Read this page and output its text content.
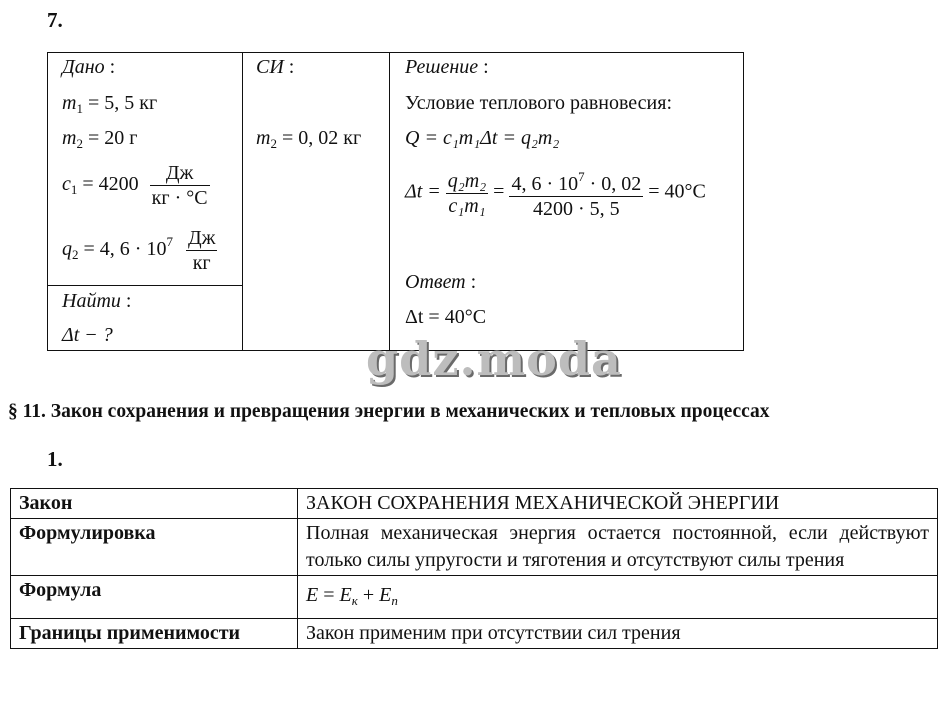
7.
Дано :
$m_1 = 5$, 5 кг
$m_2 = 20$ г
$c_1 = 4200 \frac{Дж}{кг \cdot ^\circ С}$
$q_2 = 4$, $6 \cdot 10^7 \frac{Дж}{кг}$
Найти :
Δt − ?
СИ :
$m_2 = 0$, 02 кг
Решение :
Условие теплового равновесия:
Q = c₁m₁Δt = q₂m₂
$\Delta t = \frac{\text{q₂m₂}}{\text{c₁m₁}} = \frac{4, 6 \cdot 10^7 \cdot 0, 02}{4200 \cdot 5, 5} = 40^\circ С$
Ответ :
Δt = 40°С
gdz.moda
§ 11. Закон сохранения и превращения энергии в механических и тепловых процессах
1.
Закон	ЗАКОН СОХРАНЕНИЯ МЕХАНИЧЕСКОЙ ЭНЕРГИИ
Формулировка	Полная механическая энергия остается постоянной, если действуют только силы упругости и тяготения и отсутствуют силы трения
Формула	$E = E_к + E_п$
Границы применимости	Закон применим при отсутствии сил трения
